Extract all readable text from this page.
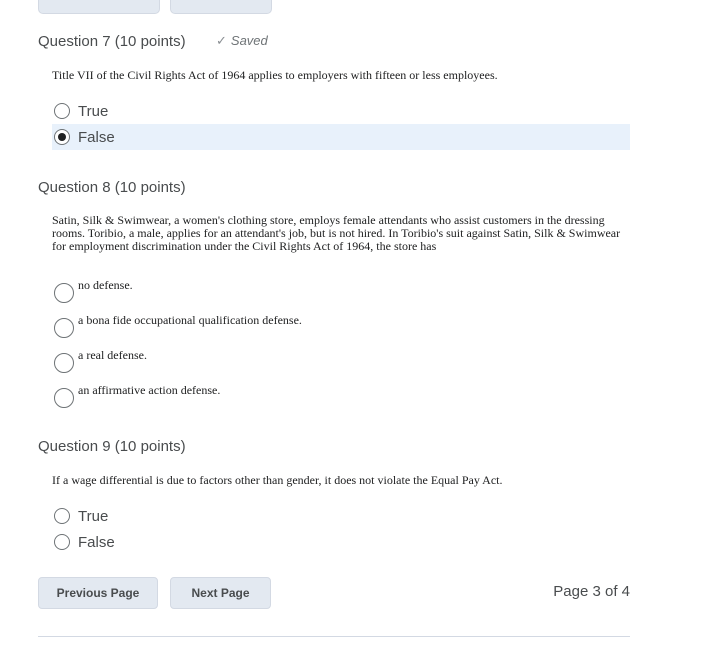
Question 7 (10 points) ✓ Saved
Title VII of the Civil Rights Act of 1964 applies to employers with fifteen or less employees.
True
False
Question 8 (10 points)
Satin, Silk & Swimwear, a women's clothing store, employs female attendants who assist customers in the dressing
rooms. Toribio, a male, applies for an attendant's job, but is not hired. In Toribio's suit against Satin, Silk & Swimwear
for employment discrimination under the Civil Rights Act of 1964, the store has
no defense.
a bona fide occupational qualification defense.
a real defense.
an affirmative action defense.
Question 9 (10 points)
If a wage differential is due to factors other than gender, it does not violate the Equal Pay Act.
True
False
Previous Page	Next Page	Page 3 of 4
